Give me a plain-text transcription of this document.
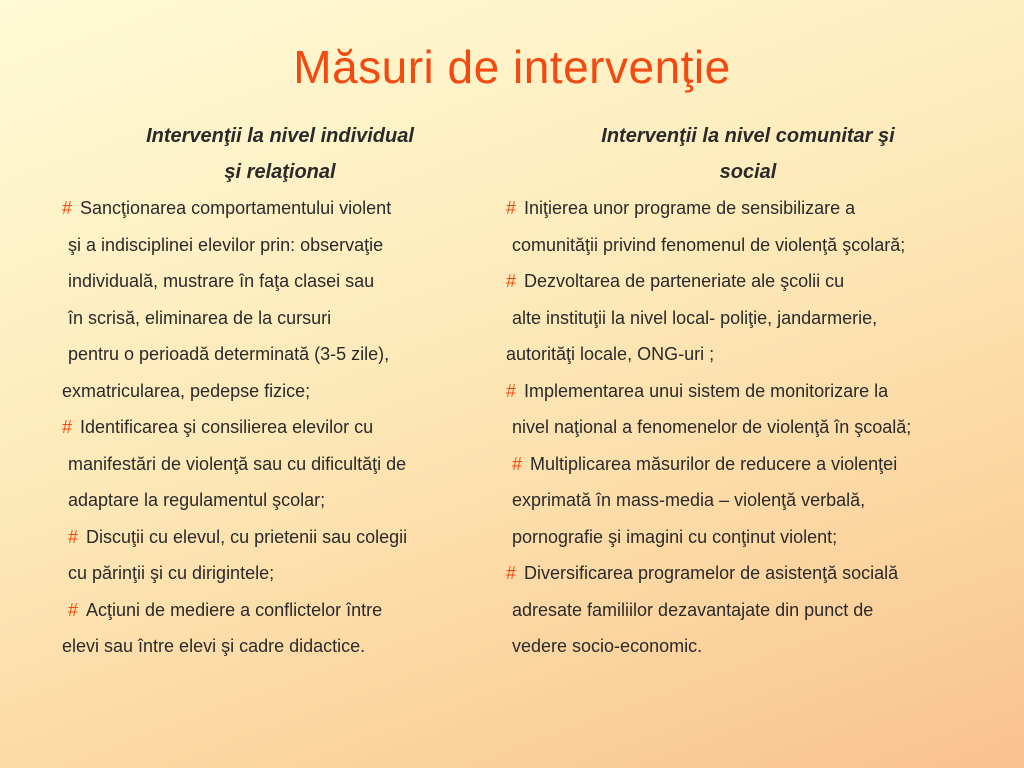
Măsuri de intervenţie
Intervenţii la nivel individual
şi relaţional
# Sancţionarea comportamentului violent
şi a indisciplinei elevilor prin: observaţie
individuală, mustrare în faţa clasei sau
în scrisă, eliminarea de la cursuri
pentru o perioadă determinată (3-5 zile),
exmatricularea, pedepse fizice;
# Identificarea şi consilierea elevilor cu
manifestări de violenţă sau cu dificultăţi de
adaptare la regulamentul şcolar;
# Discuţii cu elevul, cu prietenii sau colegii
cu părinţii şi cu dirigintele;
# Acţiuni de mediere a conflictelor între
elevi sau între elevi şi cadre didactice.
Intervenţii la nivel comunitar şi
social
# Iniţierea unor programe de sensibilizare a
comunităţii privind fenomenul de violenţă şcolară;
# Dezvoltarea de parteneriate ale şcolii cu
alte instituţii la nivel local- poliţie, jandarmerie,
autorităţi locale, ONG-uri ;
# Implementarea unui sistem de monitorizare la
nivel naţional a fenomenelor de violenţă în şcoală;
# Multiplicarea măsurilor de reducere a violenţei
exprimată în mass-media – violenţă verbală,
pornografie şi imagini cu conţinut violent;
# Diversificarea programelor de asistenţă socială
adresate familiilor dezavantajate din punct de
vedere socio-economic.
